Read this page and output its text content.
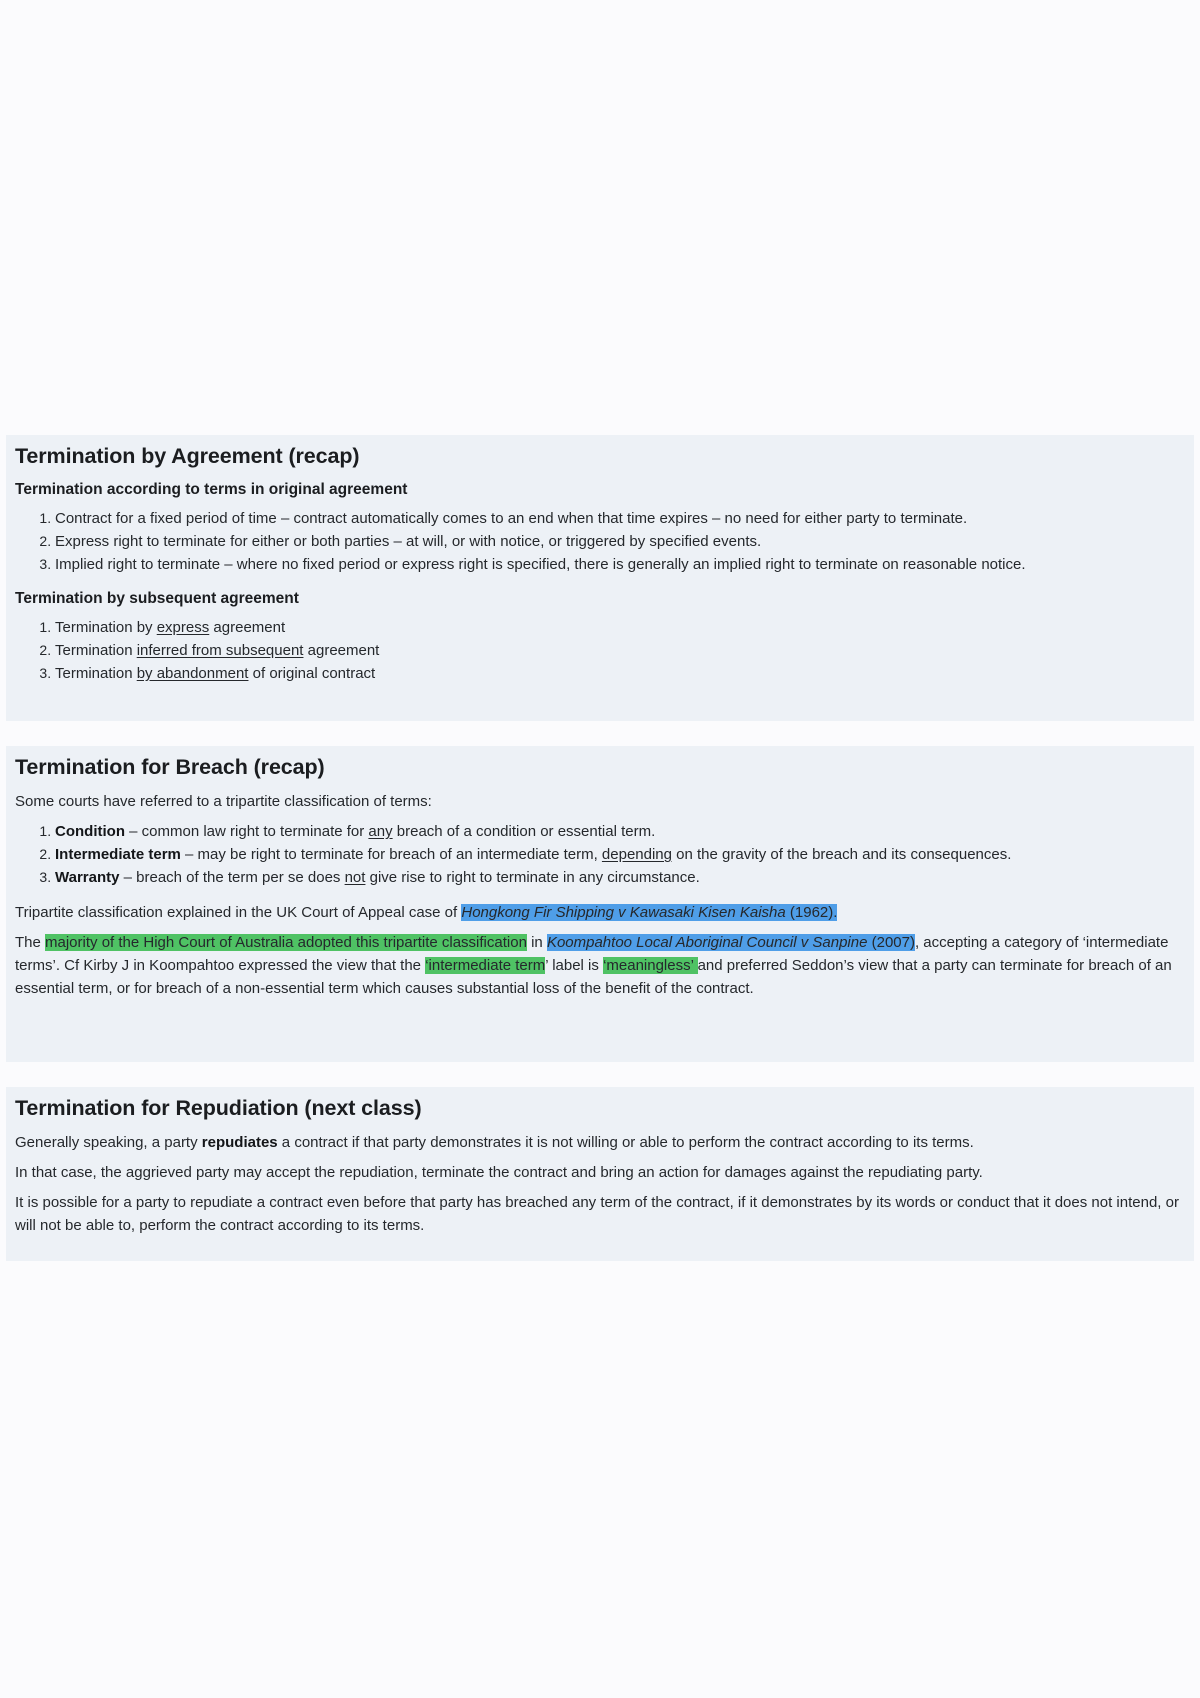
Termination by Agreement (recap)
Termination according to terms in original agreement
1. Contract for a fixed period of time – contract automatically comes to an end when that time expires – no need for either party to terminate.
2. Express right to terminate for either or both parties – at will, or with notice, or triggered by specified events.
3. Implied right to terminate – where no fixed period or express right is specified, there is generally an implied right to terminate on reasonable notice.
Termination by subsequent agreement
1. Termination by express agreement
2. Termination inferred from subsequent agreement
3. Termination by abandonment of original contract
Termination for Breach (recap)

Some courts have referred to a tripartite classification of terms:

1. Condition – common law right to terminate for any breach of a condition or essential term.
2. Intermediate term – may be right to terminate for breach of an intermediate term, depending on the gravity of the breach and its consequences.
3. Warranty – breach of the term per se does not give rise to right to terminate in any circumstance.

Tripartite classification explained in the UK Court of Appeal case of Hongkong Fir Shipping v Kawasaki Kisen Kaisha (1962).

The majority of the High Court of Australia adopted this tripartite classification in Koompahtoo Local Aboriginal Council v Sanpine (2007), accepting a category of ‘intermediate terms’. Cf Kirby J in Koompahtoo expressed the view that the ‘intermediate term’ label is ‘meaningless’ and preferred Seddon’s view that a party can terminate for breach of an essential term, or for breach of a non-essential term which causes substantial loss of the benefit of the contract.

Termination for Repudiation (next class)

Generally speaking, a party repudiates a contract if that party demonstrates it is not willing or able to perform the contract according to its terms.

In that case, the aggrieved party may accept the repudiation, terminate the contract and bring an action for damages against the repudiating party.

It is possible for a party to repudiate a contract even before that party has breached any term of the contract, if it demonstrates by its words or conduct that it does not intend, or will not be able to, perform the contract according to its terms.
